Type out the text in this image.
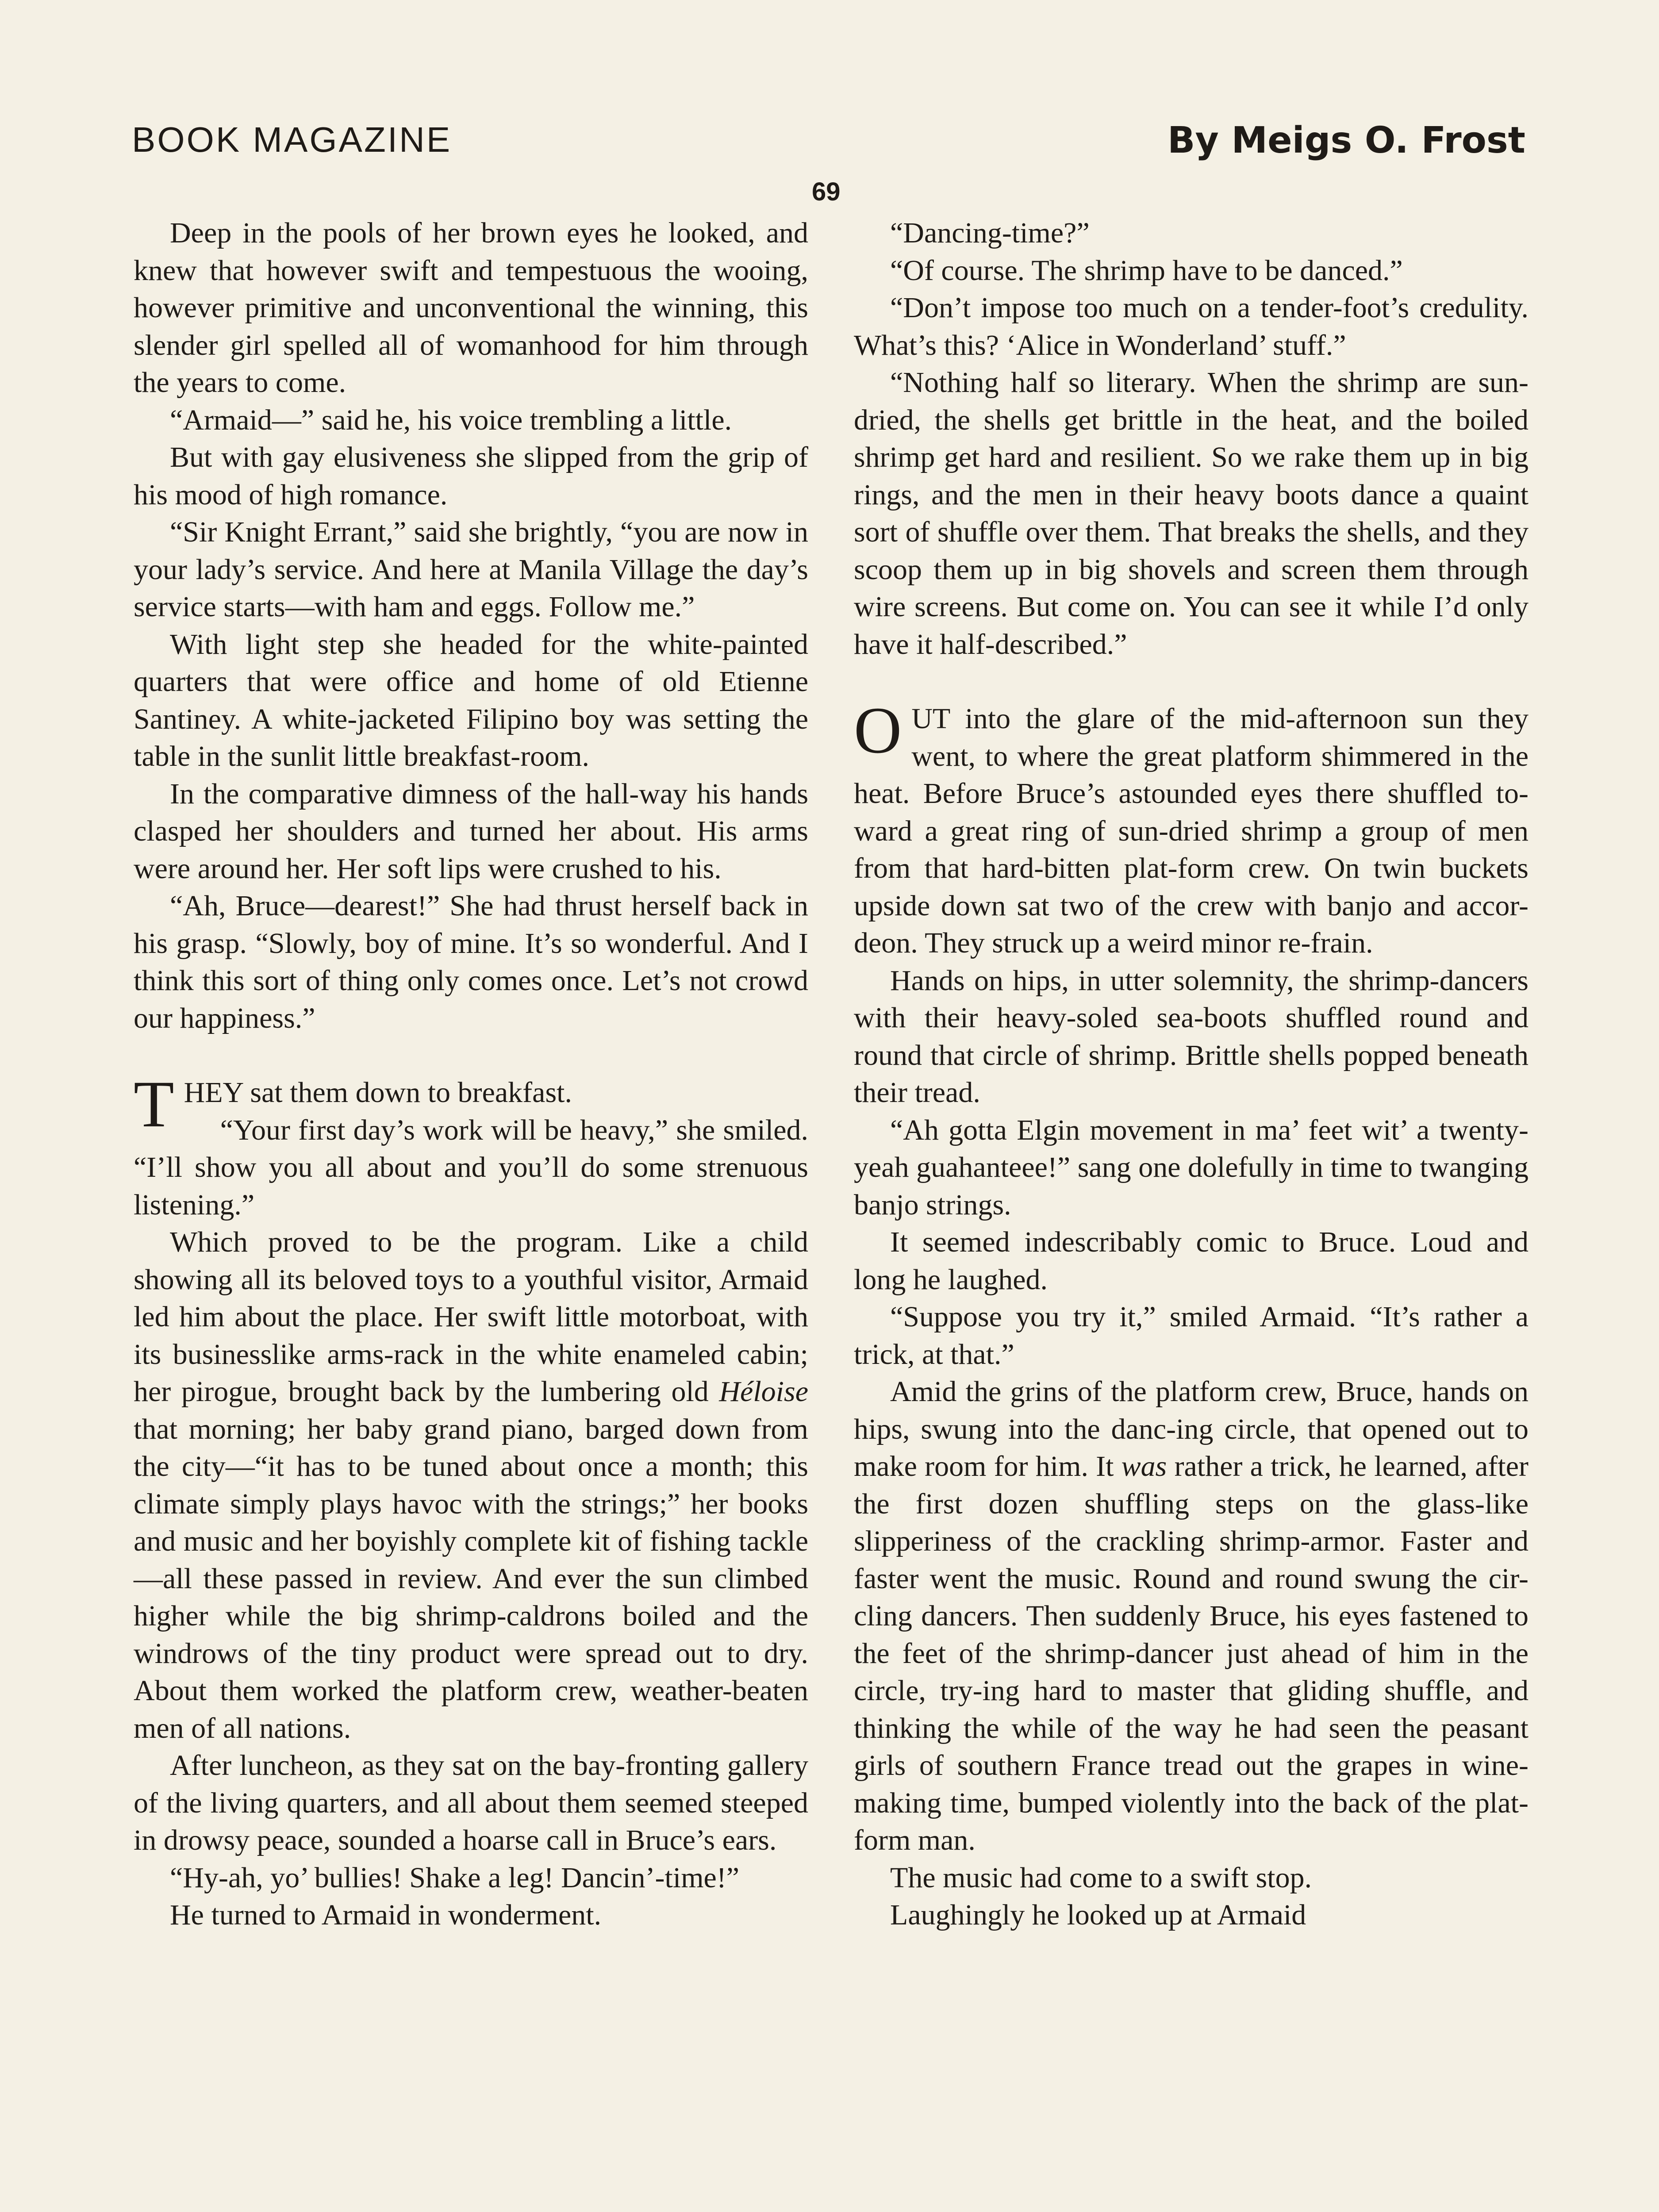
BOOK MAGAZINE	By Meigs O. Frost
69

Deep in the pools of her brown eyes he looked, and knew that however swift and tempestuous the wooing, however primitive and unconventional the winning, this slender girl spelled all of womanhood for him through the years to come.

“Armaid—” said he, his voice trembling a little.

But with gay elusiveness she slipped from the grip of his mood of high romance.

“Sir Knight Errant,” said she brightly, “you are now in your lady’s service. And here at Manila Village the day’s service starts—with ham and eggs. Follow me.”

With light step she headed for the white-painted quarters that were office and home of old Etienne Santiney. A white-jacketed Filipino boy was setting the table in the sunlit little breakfast-room.

In the comparative dimness of the hall-way his hands clasped her shoulders and turned her about. His arms were around her. Her soft lips were crushed to his.

“Ah, Bruce—dearest!” She had thrust herself back in his grasp. “Slowly, boy of mine. It’s so wonderful. And I think this sort of thing only comes once. Let’s not crowd our happiness.”

THEY sat them down to breakfast.

“Your first day’s work will be heavy,” she smiled. “I’ll show you all about and you’ll do some strenuous listening.”

Which proved to be the program. Like a child showing all its beloved toys to a youthful visitor, Armaid led him about the place. Her swift little motorboat, with its businesslike arms-rack in the white enameled cabin; her pirogue, brought back by the lumbering old Héloise that morning; her baby grand piano, barged down from the city—“it has to be tuned about once a month; this climate simply plays havoc with the strings;” her books and music and her boyishly complete kit of fishing tackle—all these passed in review. And ever the sun climbed higher while the big shrimp-caldrons boiled and the windrows of the tiny product were spread out to dry. About them worked the platform crew, weather-beaten men of all nations.

After luncheon, as they sat on the bay-fronting gallery of the living quarters, and all about them seemed steeped in drowsy peace, sounded a hoarse call in Bruce’s ears.

“Hy-ah, yo’ bullies! Shake a leg! Dancin’-time!”

He turned to Armaid in wonderment.

“Dancing-time?”

“Of course. The shrimp have to be danced.”

“Don’t impose too much on a tender-foot’s credulity. What’s this? ‘Alice in Wonderland’ stuff.”

“Nothing half so literary. When the shrimp are sun-dried, the shells get brittle in the heat, and the boiled shrimp get hard and resilient. So we rake them up in big rings, and the men in their heavy boots dance a quaint sort of shuffle over them. That breaks the shells, and they scoop them up in big shovels and screen them through wire screens. But come on. You can see it while I’d only have it half-described.”

OUT into the glare of the mid-afternoon sun they went, to where the great platform shimmered in the heat. Before Bruce’s astounded eyes there shuffled to-ward a great ring of sun-dried shrimp a group of men from that hard-bitten plat-form crew. On twin buckets upside down sat two of the crew with banjo and accor-deon. They struck up a weird minor re-frain.

Hands on hips, in utter solemnity, the shrimp-dancers with their heavy-soled sea-boots shuffled round and round that circle of shrimp. Brittle shells popped beneath their tread.

“Ah gotta Elgin movement in ma’ feet wit’ a twenty-yeah guahanteee!” sang one dolefully in time to twanging banjo strings.

It seemed indescribably comic to Bruce. Loud and long he laughed.

“Suppose you try it,” smiled Armaid. “It’s rather a trick, at that.”

Amid the grins of the platform crew, Bruce, hands on hips, swung into the danc-ing circle, that opened out to make room for him. It was rather a trick, he learned, after the first dozen shuffling steps on the glass-like slipperiness of the crackling shrimp-armor. Faster and faster went the music. Round and round swung the cir-cling dancers. Then suddenly Bruce, his eyes fastened to the feet of the shrimp-dancer just ahead of him in the circle, try-ing hard to master that gliding shuffle, and thinking the while of the way he had seen the peasant girls of southern France tread out the grapes in wine-making time, bumped violently into the back of the plat-form man.

The music had come to a swift stop.

Laughingly he looked up at Armaid
